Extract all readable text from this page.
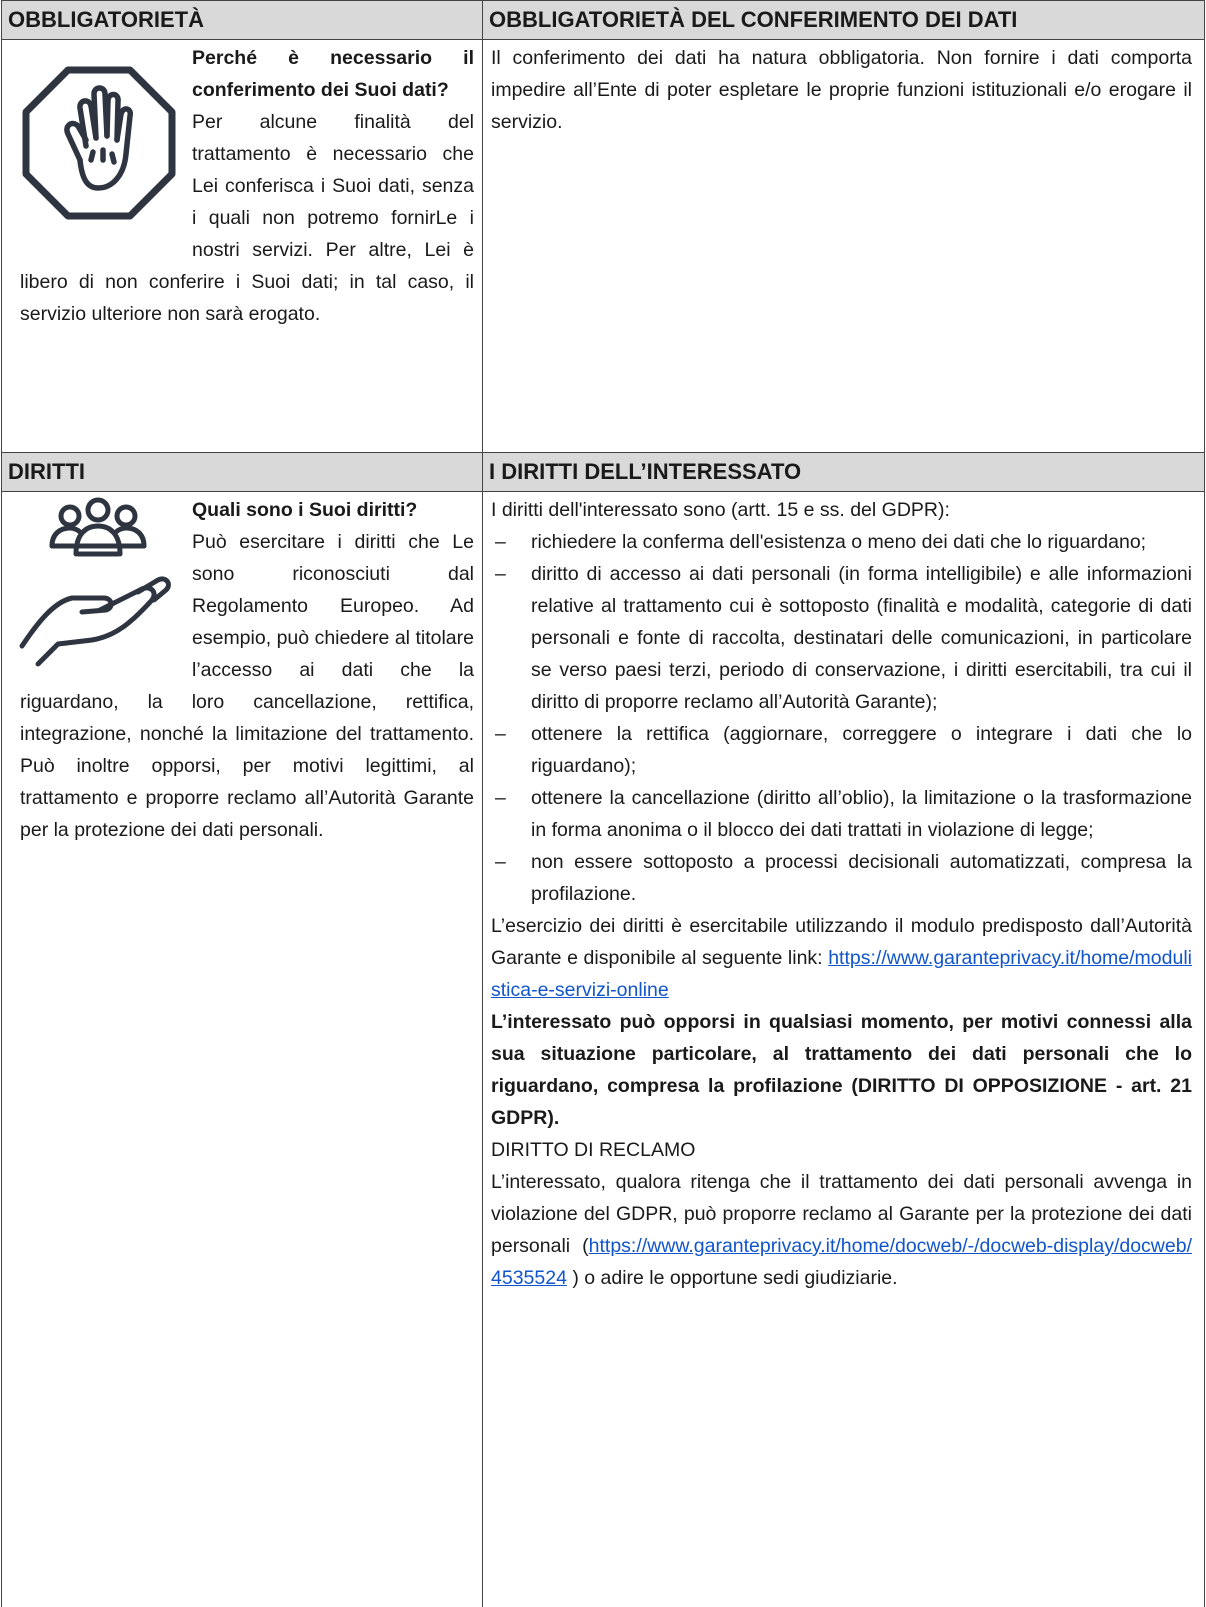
OBBLIGATORIETÀ	OBBLIGATORIETÀ DEL CONFERIMENTO DEI DATI
Perché è necessario il conferimento dei Suoi dati?
Per alcune finalità del trattamento è necessario che Lei conferisca i Suoi dati, senza i quali non potremo fornirLe i nostri servizi. Per altre, Lei è libero di non conferire i Suoi dati; in tal caso, il servizio ulteriore non sarà erogato.
Il conferimento dei dati ha natura obbligatoria. Non fornire i dati comporta impedire all’Ente di poter espletare le proprie funzioni istituzionali e/o erogare il servizio.
DIRITTI	I DIRITTI DELL’INTERESSATO
Quali sono i Suoi diritti?
Può esercitare i diritti che Le sono riconosciuti dal Regolamento Europeo. Ad esempio, può chiedere al titolare l’accesso ai dati che la riguardano, la loro cancellazione, rettifica, integrazione, nonché la limitazione del trattamento. Può inoltre opporsi, per motivi legittimi, al trattamento e proporre reclamo all’Autorità Garante per la protezione dei dati personali.
I diritti dell'interessato sono (artt. 15 e ss. del GDPR):
– richiedere la conferma dell'esistenza o meno dei dati che lo riguardano;
– diritto di accesso ai dati personali (in forma intelligibile) e alle informazioni relative al trattamento cui è sottoposto (finalità e modalità, categorie di dati personali e fonte di raccolta, destinatari delle comunicazioni, in particolare se verso paesi terzi, periodo di conservazione, i diritti esercitabili, tra cui il diritto di proporre reclamo all’Autorità Garante);
– ottenere la rettifica (aggiornare, correggere o integrare i dati che lo riguardano);
– ottenere la cancellazione (diritto all’oblio), la limitazione o la trasformazione in forma anonima o il blocco dei dati trattati in violazione di legge;
– non essere sottoposto a processi decisionali automatizzati, compresa la profilazione.
L’esercizio dei diritti è esercitabile utilizzando il modulo predisposto dall’Autorità Garante e disponibile al seguente link: https://www.garanteprivacy.it/home/modulistica-e-servizi-online
L’interessato può opporsi in qualsiasi momento, per motivi connessi alla sua situazione particolare, al trattamento dei dati personali che lo riguardano, compresa la profilazione (DIRITTO DI OPPOSIZIONE - art. 21 GDPR).
DIRITTO DI RECLAMO
L’interessato, qualora ritenga che il trattamento dei dati personali avvenga in violazione del GDPR, può proporre reclamo al Garante per la protezione dei dati personali (https://www.garanteprivacy.it/home/docweb/-/docweb-display/docweb/4535524 ) o adire le opportune sedi giudiziarie.
